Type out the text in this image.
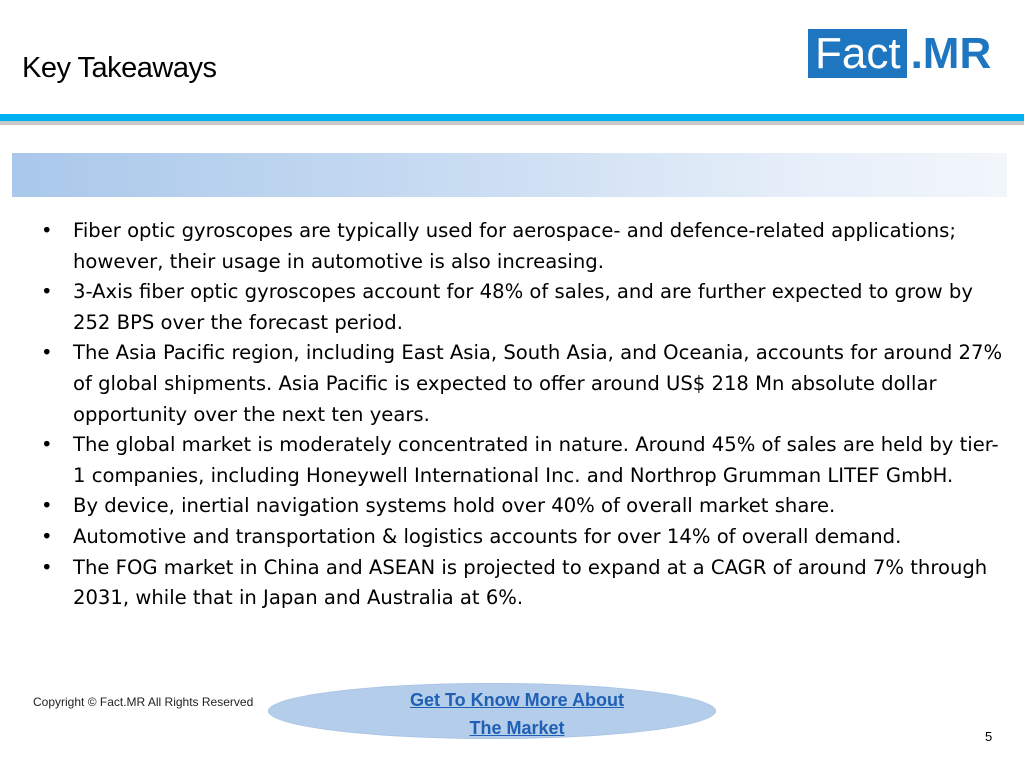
Key Takeaways	Fact .MR
• Fiber optic gyroscopes are typically used for aerospace- and defence-related applications; however, their usage in automotive is also increasing.
• 3-Axis fiber optic gyroscopes account for 48% of sales, and are further expected to grow by 252 BPS over the forecast period.
• The Asia Pacific region, including East Asia, South Asia, and Oceania, accounts for around 27% of global shipments. Asia Pacific is expected to offer around US$ 218 Mn absolute dollar opportunity over the next ten years.
• The global market is moderately concentrated in nature. Around 45% of sales are held by tier-1 companies, including Honeywell International Inc. and Northrop Grumman LITEF GmbH.
• By device, inertial navigation systems hold over 40% of overall market share.
• Automotive and transportation & logistics accounts for over 14% of overall demand.
• The FOG market in China and ASEAN is projected to expand at a CAGR of around 7% through 2031, while that in Japan and Australia at 6%.
Copyright © Fact.MR All Rights Reserved	Get To Know More About
The Market	5
